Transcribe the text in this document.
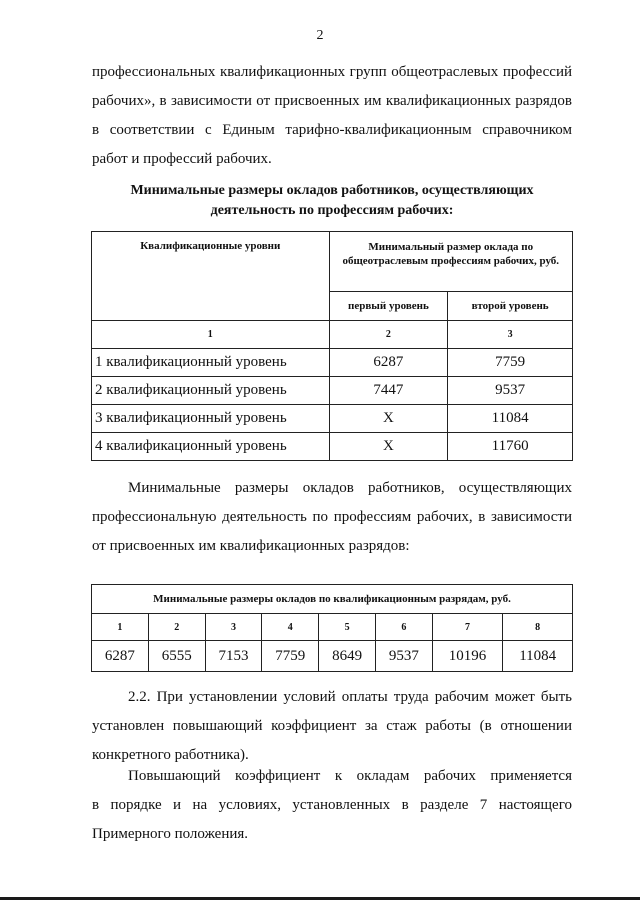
2
профессиональных квалификационных групп общеотраслевых профессий
рабочих», в зависимости от присвоенных им квалификационных разрядов
в соответствии с Единым тарифно-квалификационным справочником
работ и профессий рабочих.
Минимальные размеры окладов работников, осуществляющих
деятельность по профессиям рабочих:
Квалификационные уровни	Минимальный размер оклада по общеотраслевым профессиям рабочих, руб.	
	первый уровень	второй уровень
1	2	3
1 квалификационный уровень	6287	7759
2 квалификационный уровень	7447	9537
3 квалификационный уровень	Х	11084
4 квалификационный уровень	Х	11760
Минимальные размеры окладов работников, осуществляющих
профессиональную деятельность по профессиям рабочих, в зависимости
от присвоенных им квалификационных разрядов:
Минимальные размеры окладов по квалификационным разрядам, руб.							
1	2	3	4	5	6	7	8
6287	6555	7153	7759	8649	9537	10196	11084
2.2. При установлении условий оплаты труда рабочим может быть
установлен повышающий коэффициент за стаж работы (в отношении
конкретного работника).
Повышающий коэффициент к окладам рабочих применяется
в порядке и на условиях, установленных в разделе 7 настоящего
Примерного положения.
